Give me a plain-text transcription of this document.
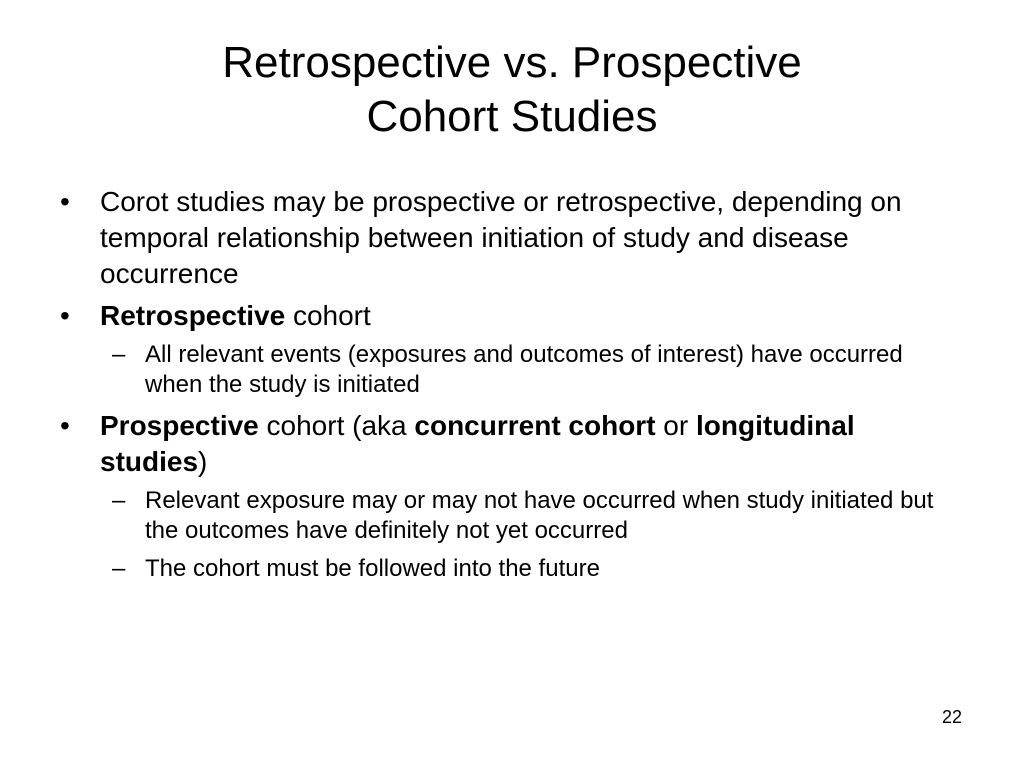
Retrospective vs. Prospective
Cohort Studies
•	Corot studies may be prospective or retrospective, depending on temporal relationship between initiation of study and disease occurrence
•	Retrospective cohort
– All relevant events (exposures and outcomes of interest) have occurred when the study is initiated
•	Prospective cohort (aka concurrent cohort or longitudinal studies)
– Relevant exposure may or may not have occurred when study initiated but the outcomes have definitely not yet occurred
– The cohort must be followed into the future
22
